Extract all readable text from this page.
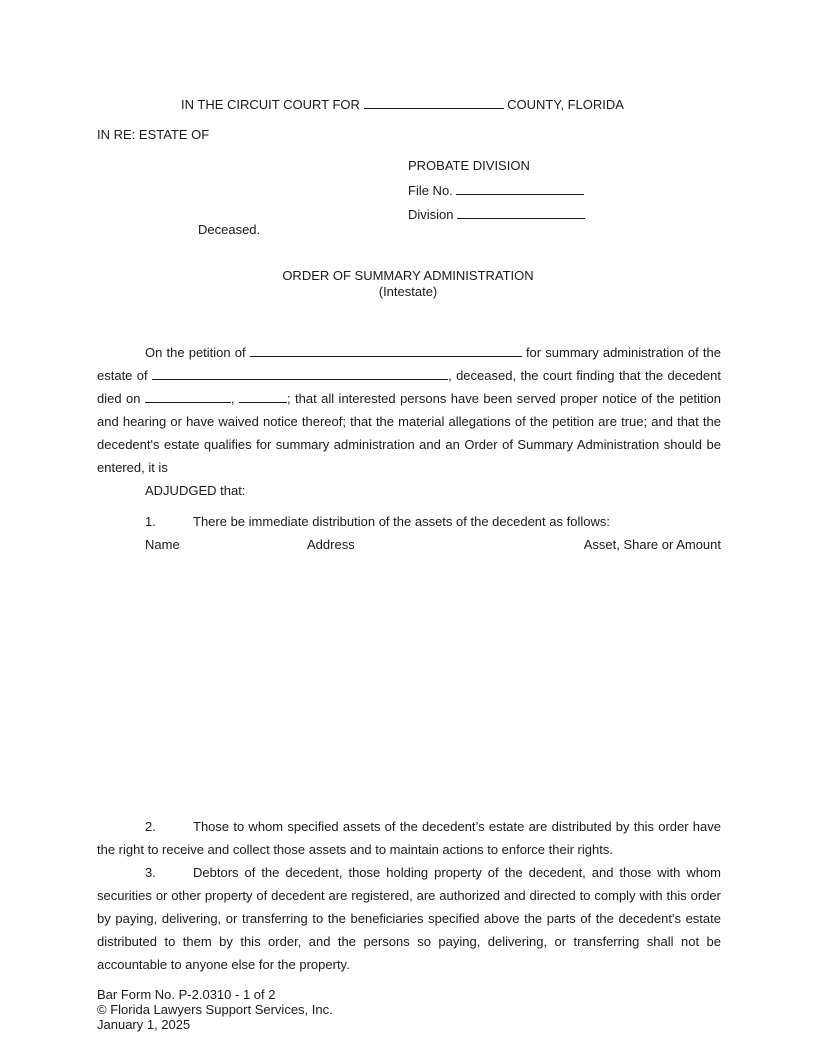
IN THE CIRCUIT COURT FOR	COUNTY, FLORIDA
IN RE: ESTATE OF
PROBATE DIVISION
File No.
Division
Deceased.
ORDER OF SUMMARY ADMINISTRATION
(Intestate)
On the petition of	for summary administration of the estate of	, deceased, the court finding that the decedent died on	,	; that all interested persons have been served proper notice of the petition and hearing or have waived notice thereof; that the material allegations of the petition are true; and that the decedent's estate qualifies for summary administration and an Order of Summary Administration should be entered, it is
ADJUDGED that:
1.	There be immediate distribution of the assets of the decedent as follows:
Name	Address	Asset, Share or Amount
2.	Those to whom specified assets of the decedent’s estate are distributed by this order have the right to receive and collect those assets and to maintain actions to enforce their rights.
3.	Debtors of the decedent, those holding property of the decedent, and those with whom securities or other property of decedent are registered, are authorized and directed to comply with this order by paying, delivering, or transferring to the beneficiaries specified above the parts of the decedent's estate distributed to them by this order, and the persons so paying, delivering, or transferring shall not be accountable to anyone else for the property.
Bar Form No. P-2.0310 - 1 of 2
© Florida Lawyers Support Services, Inc.
January 1, 2025
